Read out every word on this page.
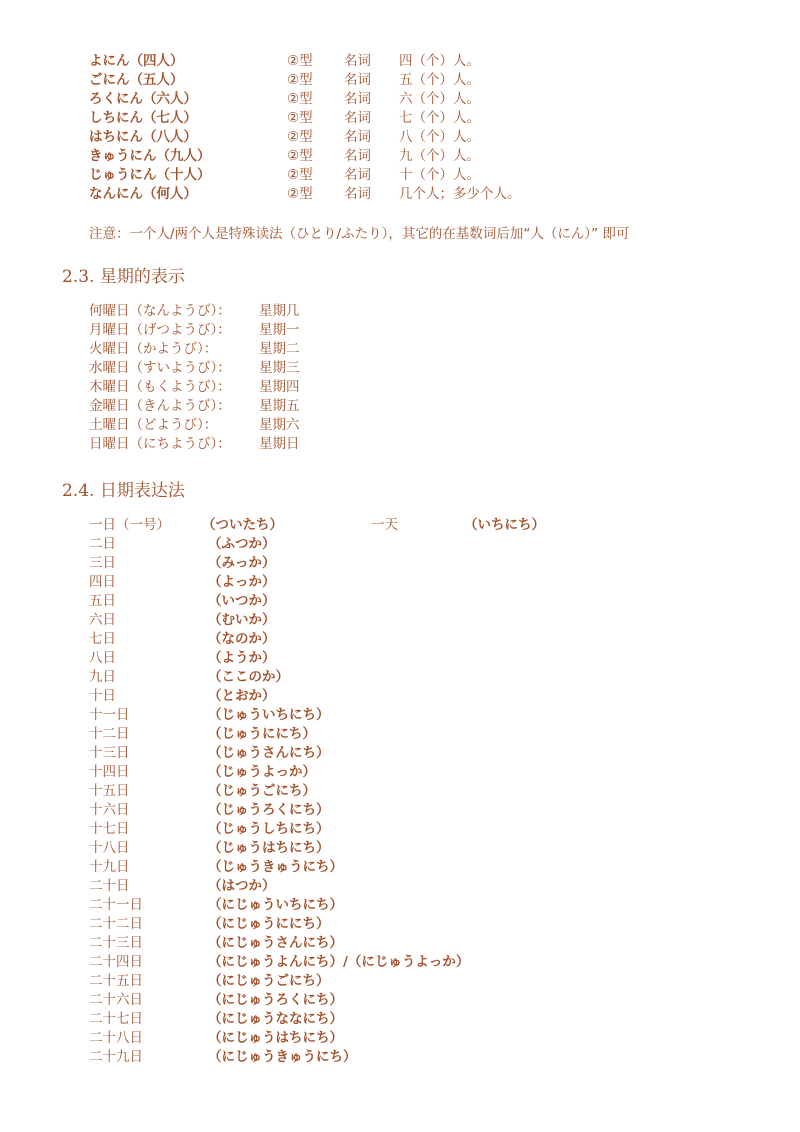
よにん（四人）	②型 名词 四（个）人。
ごにん（五人）	②型 名词 五（个）人。
ろくにん（六人）	②型 名词 六（个）人。
しちにん（七人）	②型 名词 七（个）人。
はちにん（八人）	②型 名词 八（个）人。
きゅうにん（九人）	②型 名词 九（个）人。
じゅうにん（十人）	②型 名词 十（个）人。
なんにん（何人）	②型 名词 几个人；多少个人。
注意：一个人/两个人是特殊读法（ひとり/ふたり），其它的在基数词后加“人（にん）” 即可
2.3. 星期的表示
何曜日（なんようび）： 星期几
月曜日（げつようび）： 星期一
火曜日（かようび）：	星期二
水曜日（すいようび）： 星期三
木曜日（もくようび）： 星期四
金曜日（きんようび）： 星期五
土曜日（どようび）：	星期六
日曜日（にちようび）： 星期日
2.4. 日期表达法
一日（一号） （ついたち）	一天	（いちにち）
二日	（ふつか）
三日	（みっか）
四日	（よっか）
五日	（いつか）
六日	（むいか）
七日	（なのか）
八日	（ようか）
九日	（ここのか）
十日	（とおか）
十一日	（じゅういちにち）
十二日	（じゅうににち）
十三日	（じゅうさんにち）
十四日	（じゅうよっか）
十五日	（じゅうごにち）
十六日	（じゅうろくにち）
十七日	（じゅうしちにち）
十八日	（じゅうはちにち）
十九日	（じゅうきゅうにち）
二十日	（はつか）
二十一日	（にじゅういちにち）
二十二日	（にじゅうににち）
二十三日	（にじゅうさんにち）
二十四日	（にじゅうよんにち）/（にじゅうよっか）
二十五日	（にじゅうごにち）
二十六日	（にじゅうろくにち）
二十七日	（にじゅうななにち）
二十八日	（にじゅうはちにち）
二十九日	（にじゅうきゅうにち）
